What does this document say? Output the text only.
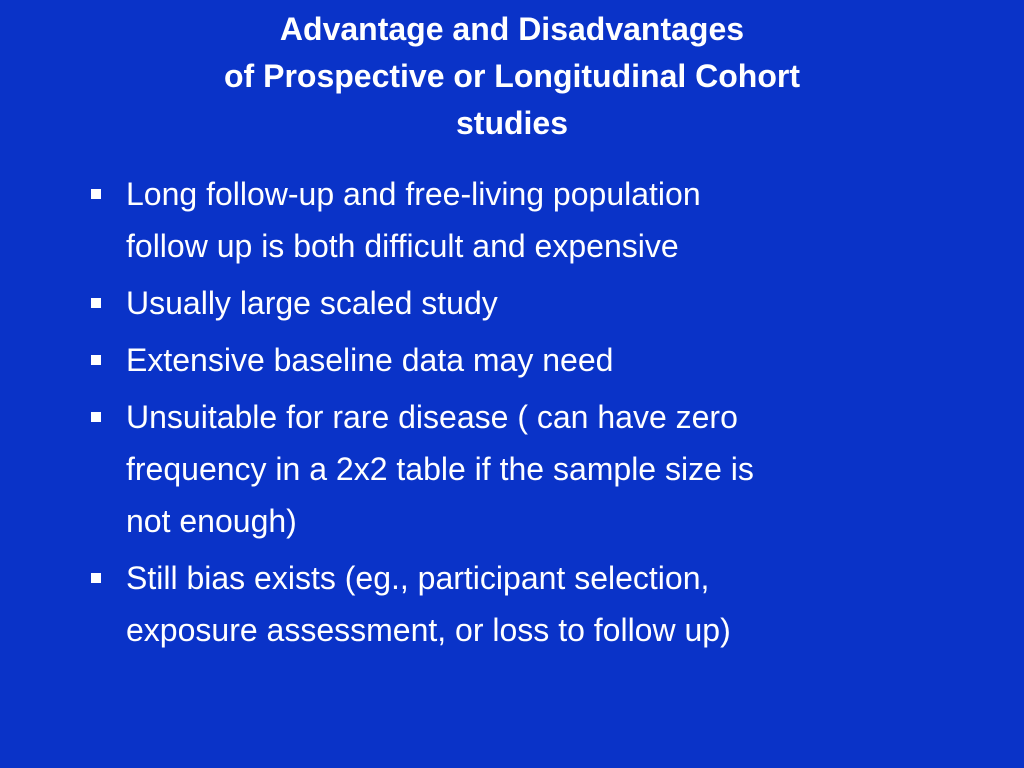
Advantage and Disadvantages
of Prospective or Longitudinal Cohort
studies
Long follow-up and free-living population
follow up is both difficult and expensive
Usually large scaled study
Extensive baseline data may need
Unsuitable for rare disease ( can have zero
frequency in a 2x2 table if the sample size is
not enough)
Still bias exists (eg., participant selection,
exposure assessment, or loss to follow up)
